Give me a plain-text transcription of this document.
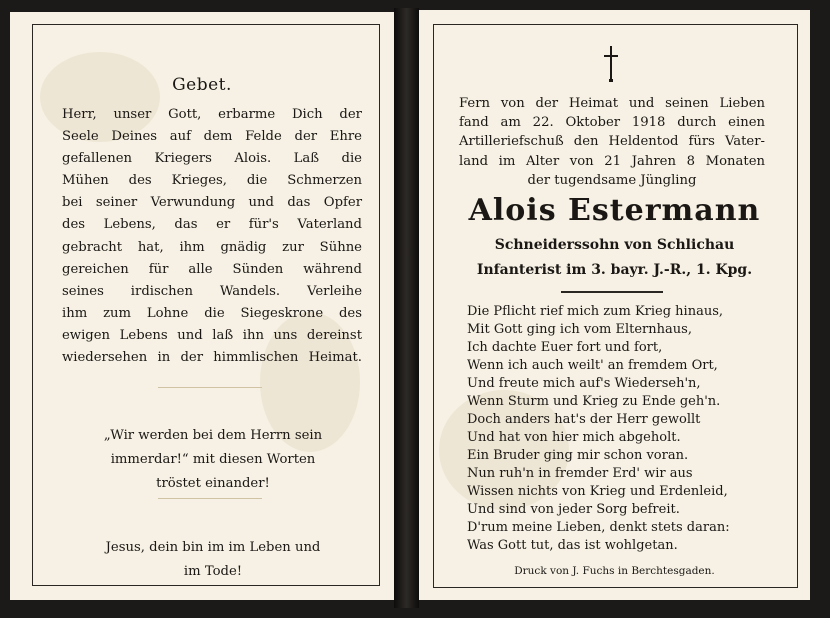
Gebet.
Herr, unser Gott, erbarme Dich der
Seele Deines auf dem Felde der Ehre
gefallenen Kriegers Alois. Laß die
Mühen des Krieges, die Schmerzen
bei seiner Verwundung und das Opfer
des Lebens, das er für's Vaterland
gebracht hat, ihm gnädig zur Sühne
gereichen für alle Sünden während
seines irdischen Wandels. Verleihe
ihm zum Lohne die Siegeskrone des
ewigen Lebens und laß ihn uns dereinst
wiedersehen in der himmlischen Heimat.
„Wir werden bei dem Herrn sein
immerdar!“ mit diesen Worten
tröstet einander!
Jesus, dein bin im im Leben und
im Tode!
Fern von der Heimat und seinen Lieben
fand am 22. Oktober 1918 durch einen
Artilleriefschuß den Heldentod fürs Vater-
land im Alter von 21 Jahren 8 Monaten
der tugendsame Jüngling
Alois Estermann
Schneiderssohn von Schlichau
Infanterist im 3. bayr. J.-R., 1. Kpg.
Die Pflicht rief mich zum Krieg hinaus,
Mit Gott ging ich vom Elternhaus,
Ich dachte Euer fort und fort,
Wenn ich auch weilt' an fremdem Ort,
Und freute mich auf's Wiederseh'n,
Wenn Sturm und Krieg zu Ende geh'n.
Doch anders hat's der Herr gewollt
Und hat von hier mich abgeholt.
Ein Bruder ging mir schon voran.
Nun ruh'n in fremder Erd' wir aus
Wissen nichts von Krieg und Erdenleid,
Und sind von jeder Sorg befreit.
D'rum meine Lieben, denkt stets daran:
Was Gott tut, das ist wohlgetan.
Druck von J. Fuchs in Berchtesgaden.
